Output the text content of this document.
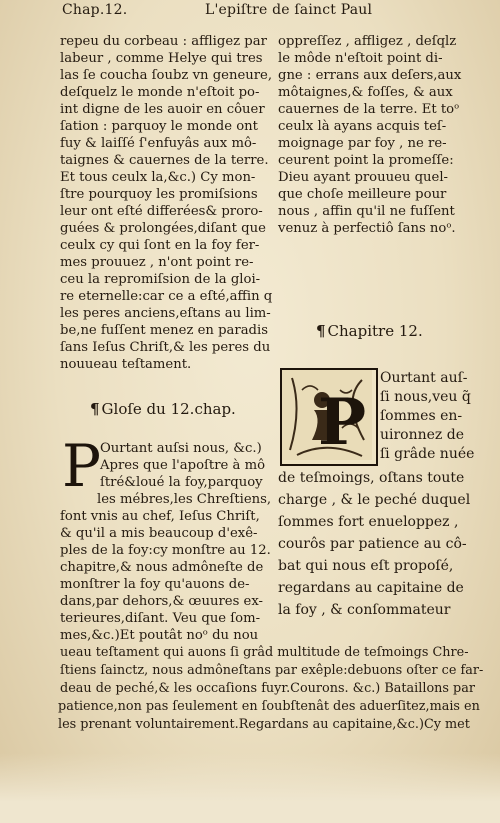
Chap.12.	L'epiſtre de ſainct Paul
repeu du corbeau : affligez par
labeur , comme Helye qui tres
las ſe coucha ſoubz vn geneure,
deſquelz le monde n'eſtoit po-
int digne de les auoir en côuer
ſation : parquoy le monde ont
fuy & laiſſé ſ'enfuyâs aux mô-
taignes & cauernes de la terre.
Et tous ceulx la,&c.) Cy mon-
ſtre pourquoy les promiſsions
leur ont eſté differées& proro-
guées & prolongées,diſant que
ceulx cy qui ſont en la foy fer-
mes prouuez , n'ont point re-
ceu la repromiſsion de la gloi-
re eternelle:car ce a eſté,affin q
les peres anciens,eſtans au lim-
be,ne fuſſent menez en paradis
ſans Ieſus Chriſt,& les peres du
nouueau teſtament.
¶ Gloſe du 12.chap.
P
Ourtant auſsi nous, &c.)
Apres que l'apoſtre à mô
ſtré&loué la foy,parquoy
les mébres,les Chreſtiens,
font vnis au chef, Ieſus Chriſt,
& qu'il a mis beaucoup d'exê-
ples de la foy:cy monſtre au 12.
chapitre,& nous admôneſte de
monſtrer la foy qu'auons de-
dans,par dehors,& œuures ex-
terieures,diſant. Veu que ſom-
mes,&c.)Et poutât noᵒ du nou
oppreſſez , affligez , deſqlz
le môde n'eſtoit point di-
gne : errans aux deſers,aux
môtaignes,& foſſes, & aux
cauernes de la terre. Et toᵒ
ceulx là ayans acquis teſ-
moignage par foy , ne re-
ceurent point la promeſſe:
Dieu ayant prouueu quel-
que choſe meilleure pour
nous , affin qu'il ne fuſſent
venuz à perfectiô ſans noᵒ.
¶ Chapitre 12.
P
Ourtant auſ-
ſi nous,veu q̃
ſommes en-
uironnez de
ſi grâde nuée
de teſmoings, oſtans toute
charge , & le peché duquel
ſommes fort enueloppez ,
courôs par patience au cô-
bat qui nous eſt propoſé,
regardans au capitaine de
la foy , & conſommateur
ueau teſtament qui auons ſi grâd multitude de teſmoings Chre-
ſtiens ſainctz, nous admôneſtans par exêple:debuons oſter ce far-
deau de peché,& les occaſions fuyr.Courons. &c.) Bataillons par
patience,non pas ſeulement en ſoubſtenât des aduerſitez,mais en
les prenant voluntairement.Regardans au capitaine,&c.)Cy met
